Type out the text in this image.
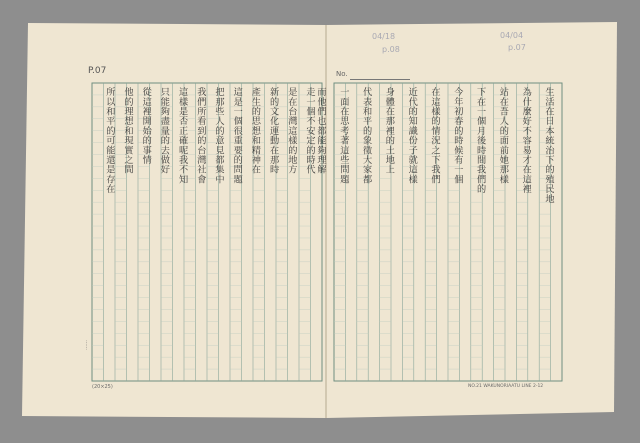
P.07
(20×25)
No.
NO.21 WAKUNORIAATU LINE 2-12
04/18
p.08
04/04
p.07
……
生活在日本統治下的殖民地
為什麼好不容易才在這裡
站在吾人的面前她那樣
下在一個月後時間我們的
今年初春的時候有一個
在這樣的情況之下我們
近代的知識份子就這樣
身體在那裡的土地上
代表和平的象徵大家都
一面在思考著這些問題
而他們也都能夠理解
走一個不安定的時代
是在台灣這樣的地方
新的文化運動在那時
產生的思想和精神在
這是一個很重要的問題
把那些人的意見都集中
我們所看到的台灣社會
這樣是否正確呢我不知
只能夠盡量的去做好
從這裡開始的事情
他的理想和現實之間
所以和平的可能還是存在
